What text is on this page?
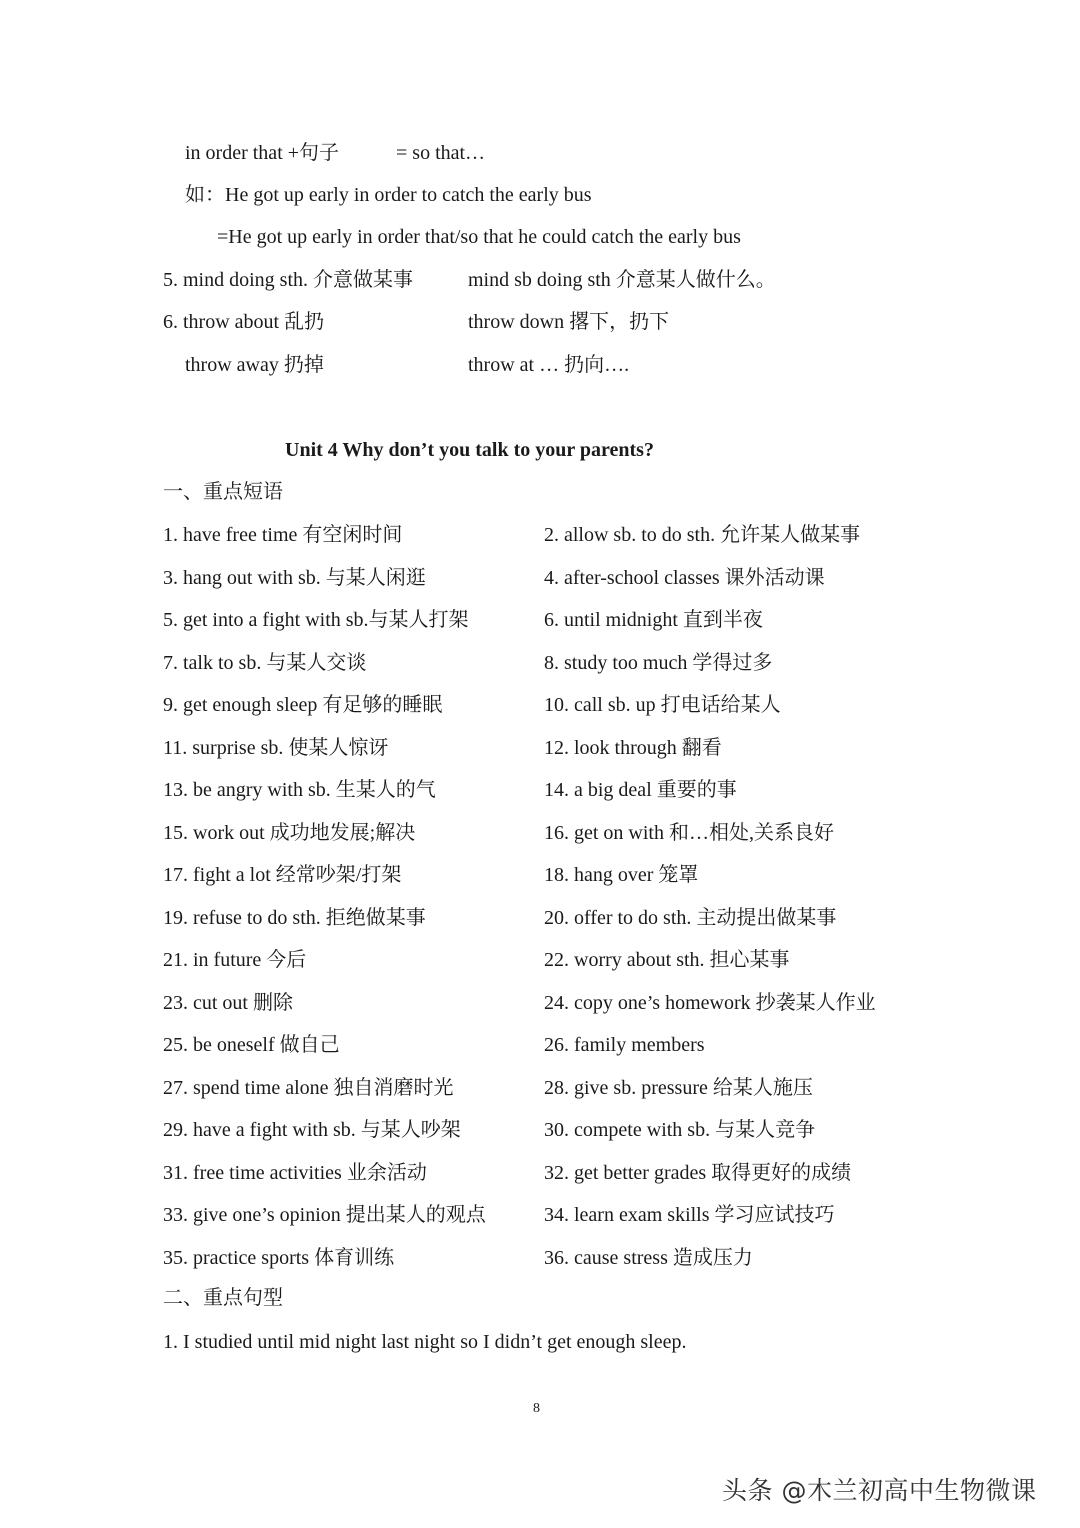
in order that +句子	= so that…
如：He got up early in order to catch the early bus
=He got up early in order that/so that he could catch the early bus
5. mind doing sth. 介意做某事	mind sb doing sth 介意某人做什么。
6. throw about 乱扔	throw down 撂下，扔下
throw away 扔掉	throw at … 扔向….
Unit 4 Why don’t you talk to your parents?
一、重点短语
1. have free time 有空闲时间	2. allow sb. to do sth. 允许某人做某事
3. hang out with sb. 与某人闲逛	4. after-school classes 课外活动课
5. get into a fight with sb.与某人打架	6. until midnight 直到半夜
7. talk to sb. 与某人交谈	8. study too much 学得过多
9. get enough sleep 有足够的睡眠	10. call sb. up 打电话给某人
11. surprise sb. 使某人惊讶	12. look through 翻看
13. be angry with sb. 生某人的气	14. a big deal 重要的事
15. work out 成功地发展;解决	16. get on with 和…相处,关系良好
17. fight a lot 经常吵架/打架	18. hang over 笼罩
19. refuse to do sth. 拒绝做某事	20. offer to do sth. 主动提出做某事
21. in future 今后	22. worry about sth. 担心某事
23. cut out 删除	24. copy one’s homework 抄袭某人作业
25. be oneself 做自己	26. family members
27. spend time alone 独自消磨时光	28. give sb. pressure 给某人施压
29. have a fight with sb. 与某人吵架	30. compete with sb. 与某人竞争
31. free time activities 业余活动	32. get better grades 取得更好的成绩
33. give one’s opinion 提出某人的观点	34. learn exam skills 学习应试技巧
35. practice sports 体育训练	36. cause stress 造成压力
二、重点句型
1. I studied until mid night last night so I didn’t get enough sleep.
8
头条 @木兰初高中生物微课
